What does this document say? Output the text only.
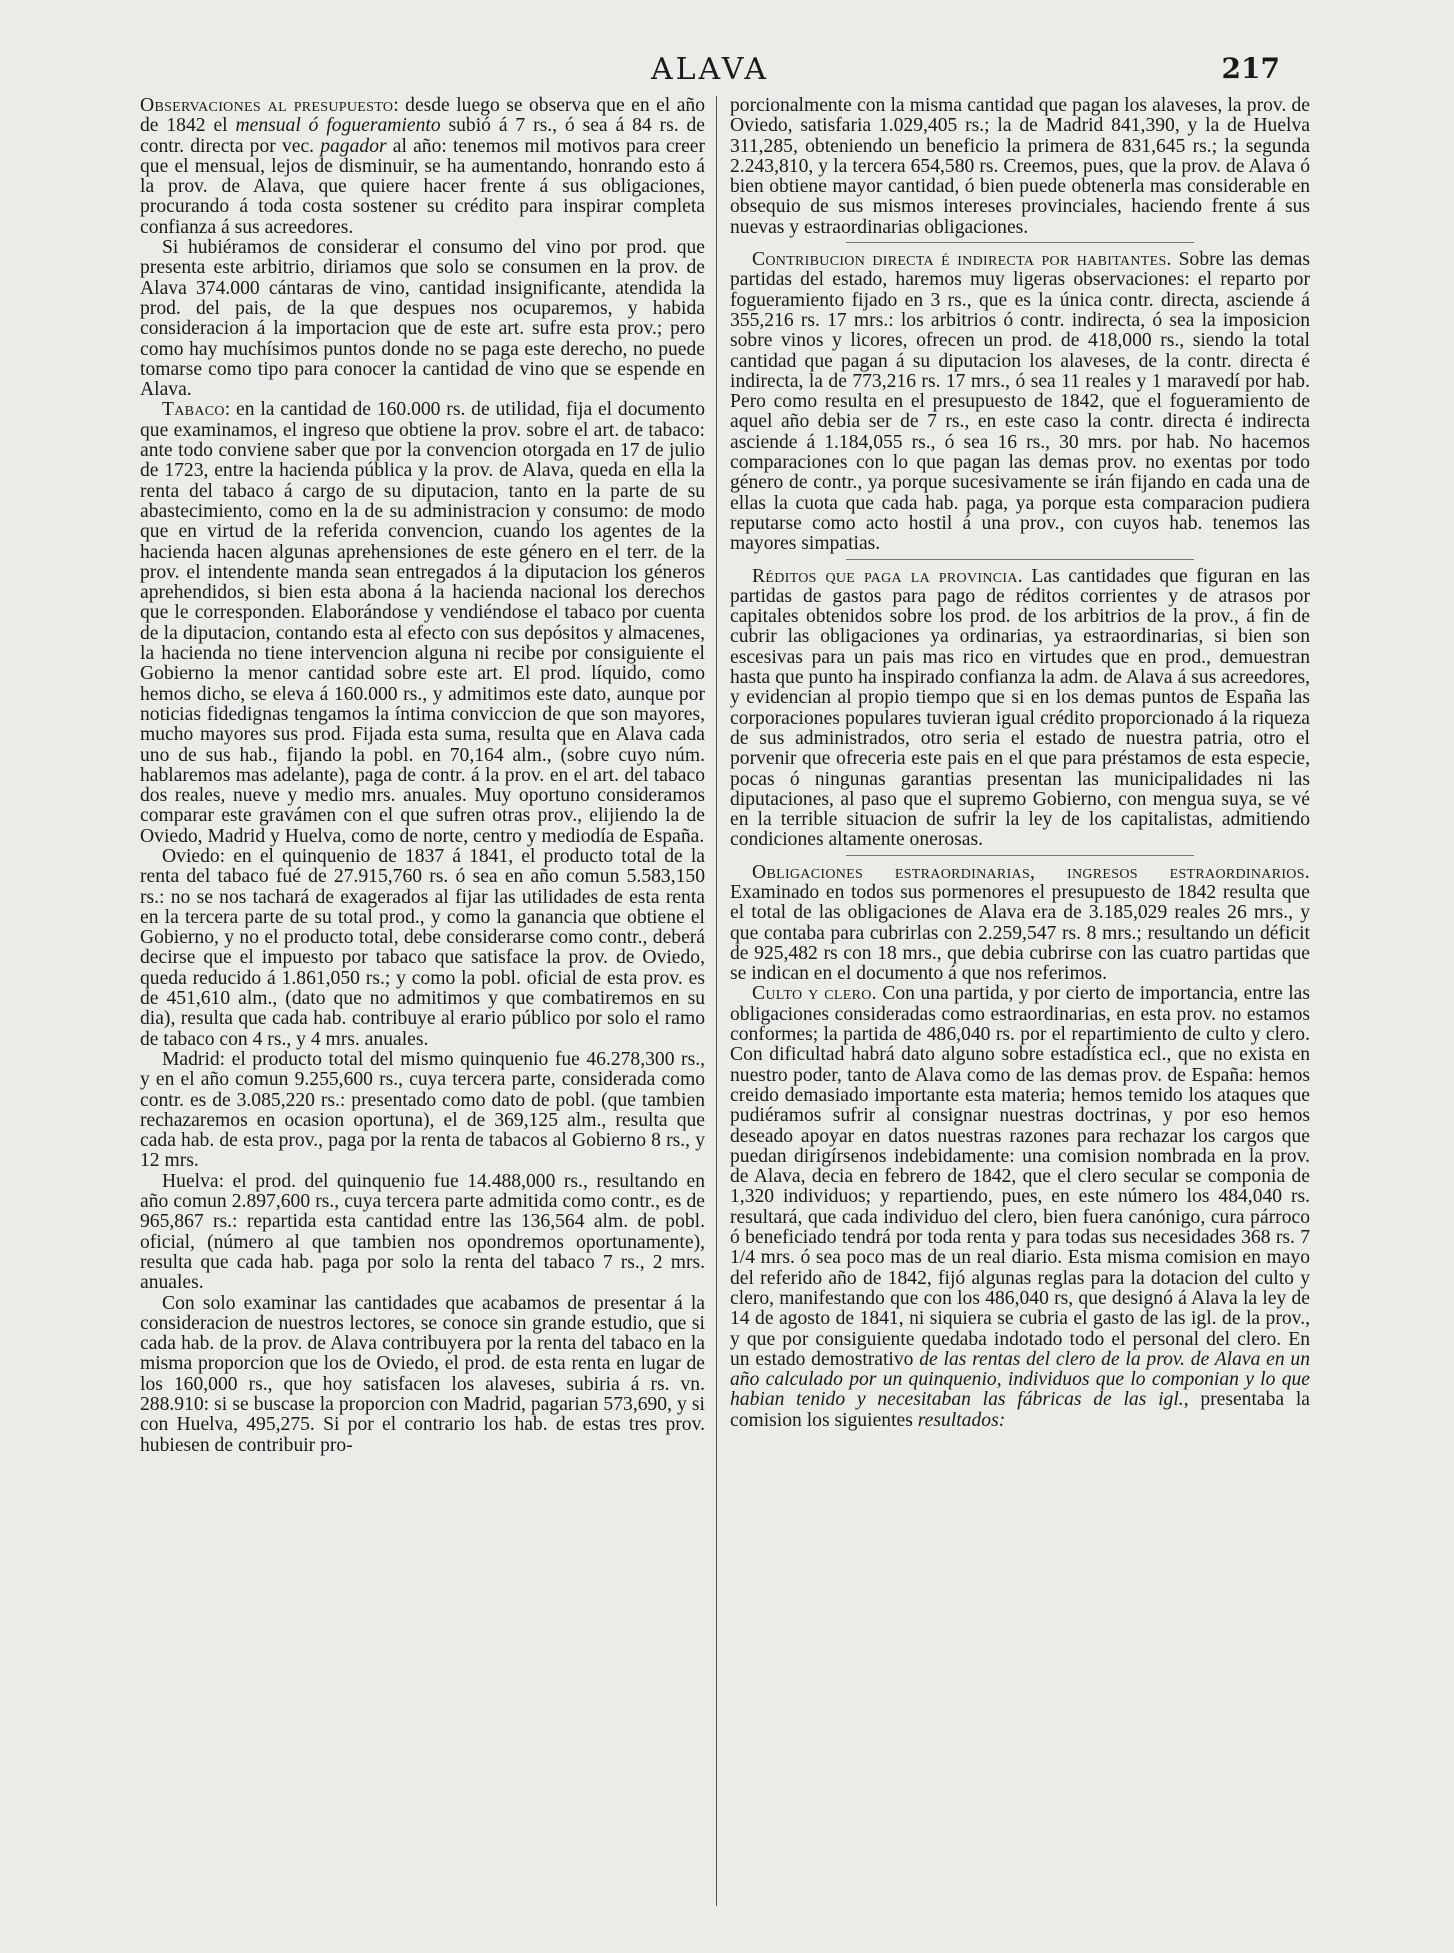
ALAVA	217

Observaciones al presupuesto: desde luego se observa que en el año de 1842 el mensual ó fogueramiento subió á 7 rs., ó sea á 84 rs. de contr. directa por vec. pagador al año: tenemos mil motivos para creer que el mensual, lejos de disminuir, se ha aumentando, honrando esto á la prov. de Alava, que quiere hacer frente á sus obligaciones, procurando á toda costa sostener su crédito para inspirar completa confianza á sus acreedores.

Si hubiéramos de considerar el consumo del vino por prod. que presenta este arbitrio, diriamos que solo se consumen en la prov. de Alava 374.000 cántaras de vino, cantidad insignificante, atendida la prod. del pais, de la que despues nos ocuparemos, y habida consideracion á la importacion que de este art. sufre esta prov.; pero como hay muchísimos puntos donde no se paga este derecho, no puede tomarse como tipo para conocer la cantidad de vino que se espende en Alava.

Tabaco: en la cantidad de 160.000 rs. de utilidad, fija el documento que examinamos, el ingreso que obtiene la prov. sobre el art. de tabaco: ante todo conviene saber que por la convencion otorgada en 17 de julio de 1723, entre la hacienda pública y la prov. de Alava, queda en ella la renta del tabaco á cargo de su diputacion, tanto en la parte de su abastecimiento, como en la de su administracion y consumo: de modo que en virtud de la referida convencion, cuando los agentes de la hacienda hacen algunas aprehensiones de este género en el terr. de la prov. el intendente manda sean entregados á la diputacion los géneros aprehendidos, si bien esta abona á la hacienda nacional los derechos que le corresponden. Elaborándose y vendiéndose el tabaco por cuenta de la diputacion, contando esta al efecto con sus depósitos y almacenes, la hacienda no tiene intervencion alguna ni recibe por consiguiente el Gobierno la menor cantidad sobre este art. El prod. líquido, como hemos dicho, se eleva á 160.000 rs., y admitimos este dato, aunque por noticias fidedignas tengamos la íntima conviccion de que son mayores, mucho mayores sus prod. Fijada esta suma, resulta que en Alava cada uno de sus hab., fijando la pobl. en 70,164 alm., (sobre cuyo núm. hablaremos mas adelante), paga de contr. á la prov. en el art. del tabaco dos reales, nueve y medio mrs. anuales. Muy oportuno consideramos comparar este gravámen con el que sufren otras prov., elijiendo la de Oviedo, Madrid y Huelva, como de norte, centro y mediodía de España.

Oviedo: en el quinquenio de 1837 á 1841, el producto total de la renta del tabaco fué de 27.915,760 rs. ó sea en año comun 5.583,150 rs.: no se nos tachará de exagerados al fijar las utilidades de esta renta en la tercera parte de su total prod., y como la ganancia que obtiene el Gobierno, y no el producto total, debe considerarse como contr., deberá decirse que el impuesto por tabaco que satisface la prov. de Oviedo, queda reducido á 1.861,050 rs.; y como la pobl. oficial de esta prov. es de 451,610 alm., (dato que no admitimos y que combatiremos en su dia), resulta que cada hab. contribuye al erario público por solo el ramo de tabaco con 4 rs., y 4 mrs. anuales.

Madrid: el producto total del mismo quinquenio fue 46.278,300 rs., y en el año comun 9.255,600 rs., cuya tercera parte, considerada como contr. es de 3.085,220 rs.: presentado como dato de pobl. (que tambien rechazaremos en ocasion oportuna), el de 369,125 alm., resulta que cada hab. de esta prov., paga por la renta de tabacos al Gobierno 8 rs., y 12 mrs.

Huelva: el prod. del quinquenio fue 14.488,000 rs., resultando en año comun 2.897,600 rs., cuya tercera parte admitida como contr., es de 965,867 rs.: repartida esta cantidad entre las 136,564 alm. de pobl. oficial, (número al que tambien nos opondremos oportunamente), resulta que cada hab. paga por solo la renta del tabaco 7 rs., 2 mrs. anuales.

Con solo examinar las cantidades que acabamos de presentar á la consideracion de nuestros lectores, se conoce sin grande estudio, que si cada hab. de la prov. de Alava contribuyera por la renta del tabaco en la misma proporcion que los de Oviedo, el prod. de esta renta en lugar de los 160,000 rs., que hoy satisfacen los alaveses, subiria á rs. vn. 288.910: si se buscase la proporcion con Madrid, pagarian 573,690, y si con Huelva, 495,275. Si por el contrario los hab. de estas tres prov. hubiesen de contribuir pro-

porcionalmente con la misma cantidad que pagan los alaveses, la prov. de Oviedo, satisfaria 1.029,405 rs.; la de Madrid 841,390, y la de Huelva 311,285, obteniendo un beneficio la primera de 831,645 rs.; la segunda 2.243,810, y la tercera 654,580 rs. Creemos, pues, que la prov. de Alava ó bien obtiene mayor cantidad, ó bien puede obtenerla mas considerable en obsequio de sus mismos intereses provinciales, haciendo frente á sus nuevas y estraordinarias obligaciones.

Contribucion directa é indirecta por habitantes. Sobre las demas partidas del estado, haremos muy ligeras observaciones: el reparto por fogueramiento fijado en 3 rs., que es la única contr. directa, asciende á 355,216 rs. 17 mrs.: los arbitrios ó contr. indirecta, ó sea la imposicion sobre vinos y licores, ofrecen un prod. de 418,000 rs., siendo la total cantidad que pagan á su diputacion los alaveses, de la contr. directa é indirecta, la de 773,216 rs. 17 mrs., ó sea 11 reales y 1 maravedí por hab. Pero como resulta en el presupuesto de 1842, que el fogueramiento de aquel año debia ser de 7 rs., en este caso la contr. directa é indirecta asciende á 1.184,055 rs., ó sea 16 rs., 30 mrs. por hab. No hacemos comparaciones con lo que pagan las demas prov. no exentas por todo género de contr., ya porque sucesivamente se irán fijando en cada una de ellas la cuota que cada hab. paga, ya porque esta comparacion pudiera reputarse como acto hostil á una prov., con cuyos hab. tenemos las mayores simpatias.

Réditos que paga la provincia. Las cantidades que figuran en las partidas de gastos para pago de réditos corrientes y de atrasos por capitales obtenidos sobre los prod. de los arbitrios de la prov., á fin de cubrir las obligaciones ya ordinarias, ya estraordinarias, si bien son escesivas para un pais mas rico en virtudes que en prod., demuestran hasta que punto ha inspirado confianza la adm. de Alava á sus acreedores, y evidencian al propio tiempo que si en los demas puntos de España las corporaciones populares tuvieran igual crédito proporcionado á la riqueza de sus administrados, otro seria el estado de nuestra patria, otro el porvenir que ofreceria este pais en el que para préstamos de esta especie, pocas ó ningunas garantias presentan las municipalidades ni las diputaciones, al paso que el supremo Gobierno, con mengua suya, se vé en la terrible situacion de sufrir la ley de los capitalistas, admitiendo condiciones altamente onerosas.

Obligaciones estraordinarias, ingresos estraordinarios. Examinado en todos sus pormenores el presupuesto de 1842 resulta que el total de las obligaciones de Alava era de 3.185,029 reales 26 mrs., y que contaba para cubrirlas con 2.259,547 rs. 8 mrs.; resultando un déficit de 925,482 rs con 18 mrs., que debia cubrirse con las cuatro partidas que se indican en el documento á que nos referimos.

Culto y clero. Con una partida, y por cierto de importancia, entre las obligaciones consideradas como estraordinarias, en esta prov. no estamos conformes; la partida de 486,040 rs. por el repartimiento de culto y clero. Con dificultad habrá dato alguno sobre estadística ecl., que no exista en nuestro poder, tanto de Alava como de las demas prov. de España: hemos creido demasiado importante esta materia; hemos temido los ataques que pudiéramos sufrir al consignar nuestras doctrinas, y por eso hemos deseado apoyar en datos nuestras razones para rechazar los cargos que puedan dirigírsenos indebidamente: una comision nombrada en la prov. de Alava, decia en febrero de 1842, que el clero secular se componia de 1,320 individuos; y repartiendo, pues, en este número los 484,040 rs. resultará, que cada individuo del clero, bien fuera canónigo, cura párroco ó beneficiado tendrá por toda renta y para todas sus necesidades 368 rs. 7 1/4 mrs. ó sea poco mas de un real diario. Esta misma comision en mayo del referido año de 1842, fijó algunas reglas para la dotacion del culto y clero, manifestando que con los 486,040 rs, que designó á Alava la ley de 14 de agosto de 1841, ni siquiera se cubria el gasto de las igl. de la prov., y que por consiguiente quedaba indotado todo el personal del clero. En un estado demostrativo de las rentas del clero de la prov. de Alava en un año calculado por un quinquenio, individuos que lo componian y lo que habian tenido y necesitaban las fábricas de las igl., presentaba la comision los siguientes resultados:
